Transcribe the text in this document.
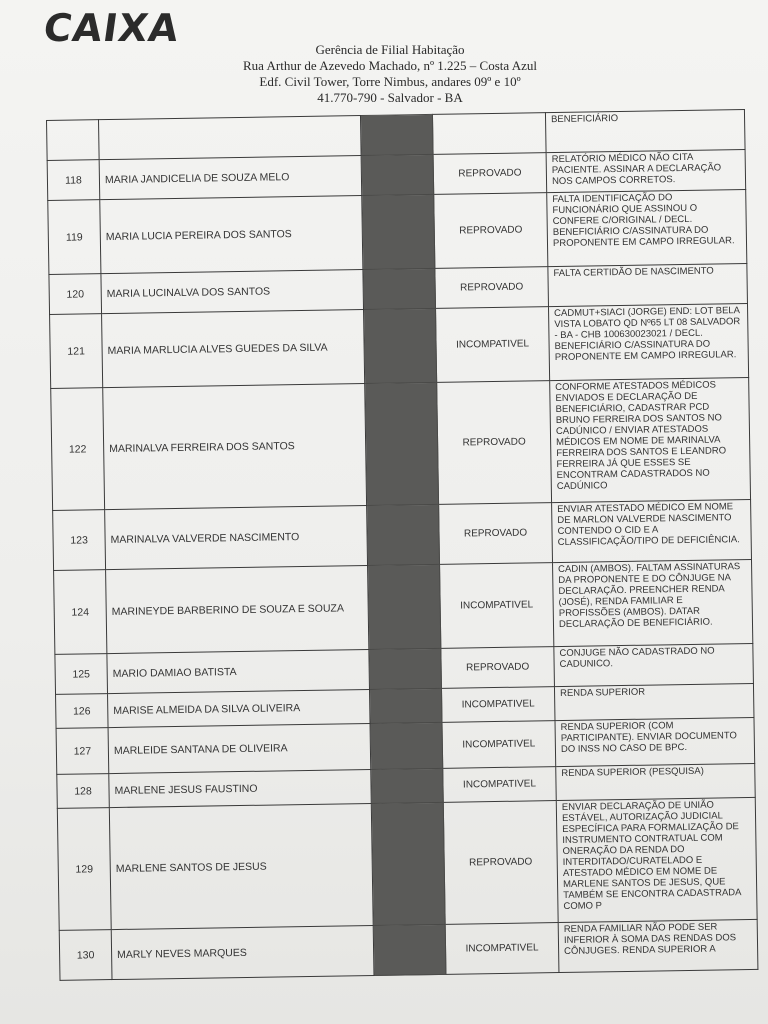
CAIXA	Gerência de Filial Habitação
Rua Arthur de Azevedo Machado, nº 1.225 – Costa Azul
Edf. Civil Tower, Torre Nimbus, andares 09º e 10º
41.770-790 - Salvador - BA
				BENEFICIÁRIO
118	MARIA JANDICELIA DE SOUZA MELO		REPROVADO	RELATÓRIO MÉDICO NÃO CITA PACIENTE. ASSINAR A DECLARAÇÃO NOS CAMPOS CORRETOS.
119	MARIA LUCIA PEREIRA DOS SANTOS		REPROVADO	FALTA IDENTIFICAÇÃO DO FUNCIONÁRIO QUE ASSINOU O CONFERE C/ORIGINAL / DECL. BENEFICIÁRIO C/ASSINATURA DO PROPONENTE EM CAMPO IRREGULAR.
120	MARIA LUCINALVA DOS SANTOS		REPROVADO	FALTA CERTIDÃO DE NASCIMENTO
121	MARIA MARLUCIA ALVES GUEDES DA SILVA		INCOMPATIVEL	CADMUT+SIACI (JORGE) END: LOT BELA VISTA LOBATO QD Nº65 LT 08 SALVADOR - BA - CHB 100630023021 / DECL. BENEFICIÁRIO C/ASSINATURA DO PROPONENTE EM CAMPO IRREGULAR.
122	MARINALVA FERREIRA DOS SANTOS		REPROVADO	CONFORME ATESTADOS MÉDICOS ENVIADOS E DECLARAÇÃO DE BENEFICIÁRIO, CADASTRAR PCD BRUNO FERREIRA DOS SANTOS NO CADÚNICO / ENVIAR ATESTADOS MÉDICOS EM NOME DE MARINALVA FERREIRA DOS SANTOS E LEANDRO FERREIRA JÁ QUE ESSES SE ENCONTRAM CADASTRADOS NO CADÚNICO
123	MARINALVA VALVERDE NASCIMENTO		REPROVADO	ENVIAR ATESTADO MÉDICO EM NOME DE MARLON VALVERDE NASCIMENTO CONTENDO O CID E A CLASSIFICAÇÃO/TIPO DE DEFICIÊNCIA.
124	MARINEYDE BARBERINO DE SOUZA E SOUZA		INCOMPATIVEL	CADIN (AMBOS). FALTAM ASSINATURAS DA PROPONENTE E DO CÔNJUGE NA DECLARAÇÃO. PREENCHER RENDA (JOSÉ), RENDA FAMILIAR E PROFISSÕES (AMBOS). DATAR DECLARAÇÃO DE BENEFICIÁRIO.
125	MARIO DAMIAO BATISTA		REPROVADO	CONJUGE NÃO CADASTRADO NO CADUNICO.
126	MARISE ALMEIDA DA SILVA OLIVEIRA		INCOMPATIVEL	RENDA SUPERIOR
127	MARLEIDE SANTANA DE OLIVEIRA		INCOMPATIVEL	RENDA SUPERIOR (COM PARTICIPANTE). ENVIAR DOCUMENTO DO INSS NO CASO DE BPC.
128	MARLENE JESUS FAUSTINO		INCOMPATIVEL	RENDA SUPERIOR (PESQUISA)
129	MARLENE SANTOS DE JESUS		REPROVADO	ENVIAR DECLARAÇÃO DE UNIÃO ESTÁVEL, AUTORIZAÇÃO JUDICIAL ESPECÍFICA PARA FORMALIZAÇÃO DE INSTRUMENTO CONTRATUAL COM ONERAÇÃO DA RENDA DO INTERDITADO/CURATELADO E ATESTADO MÉDICO EM NOME DE MARLENE SANTOS DE JESUS, QUE TAMBÉM SE ENCONTRA CADASTRADA COMO P
130	MARLY NEVES MARQUES		INCOMPATIVEL	RENDA FAMILIAR NÃO PODE SER INFERIOR À SOMA DAS RENDAS DOS CÔNJUGES. RENDA SUPERIOR A
